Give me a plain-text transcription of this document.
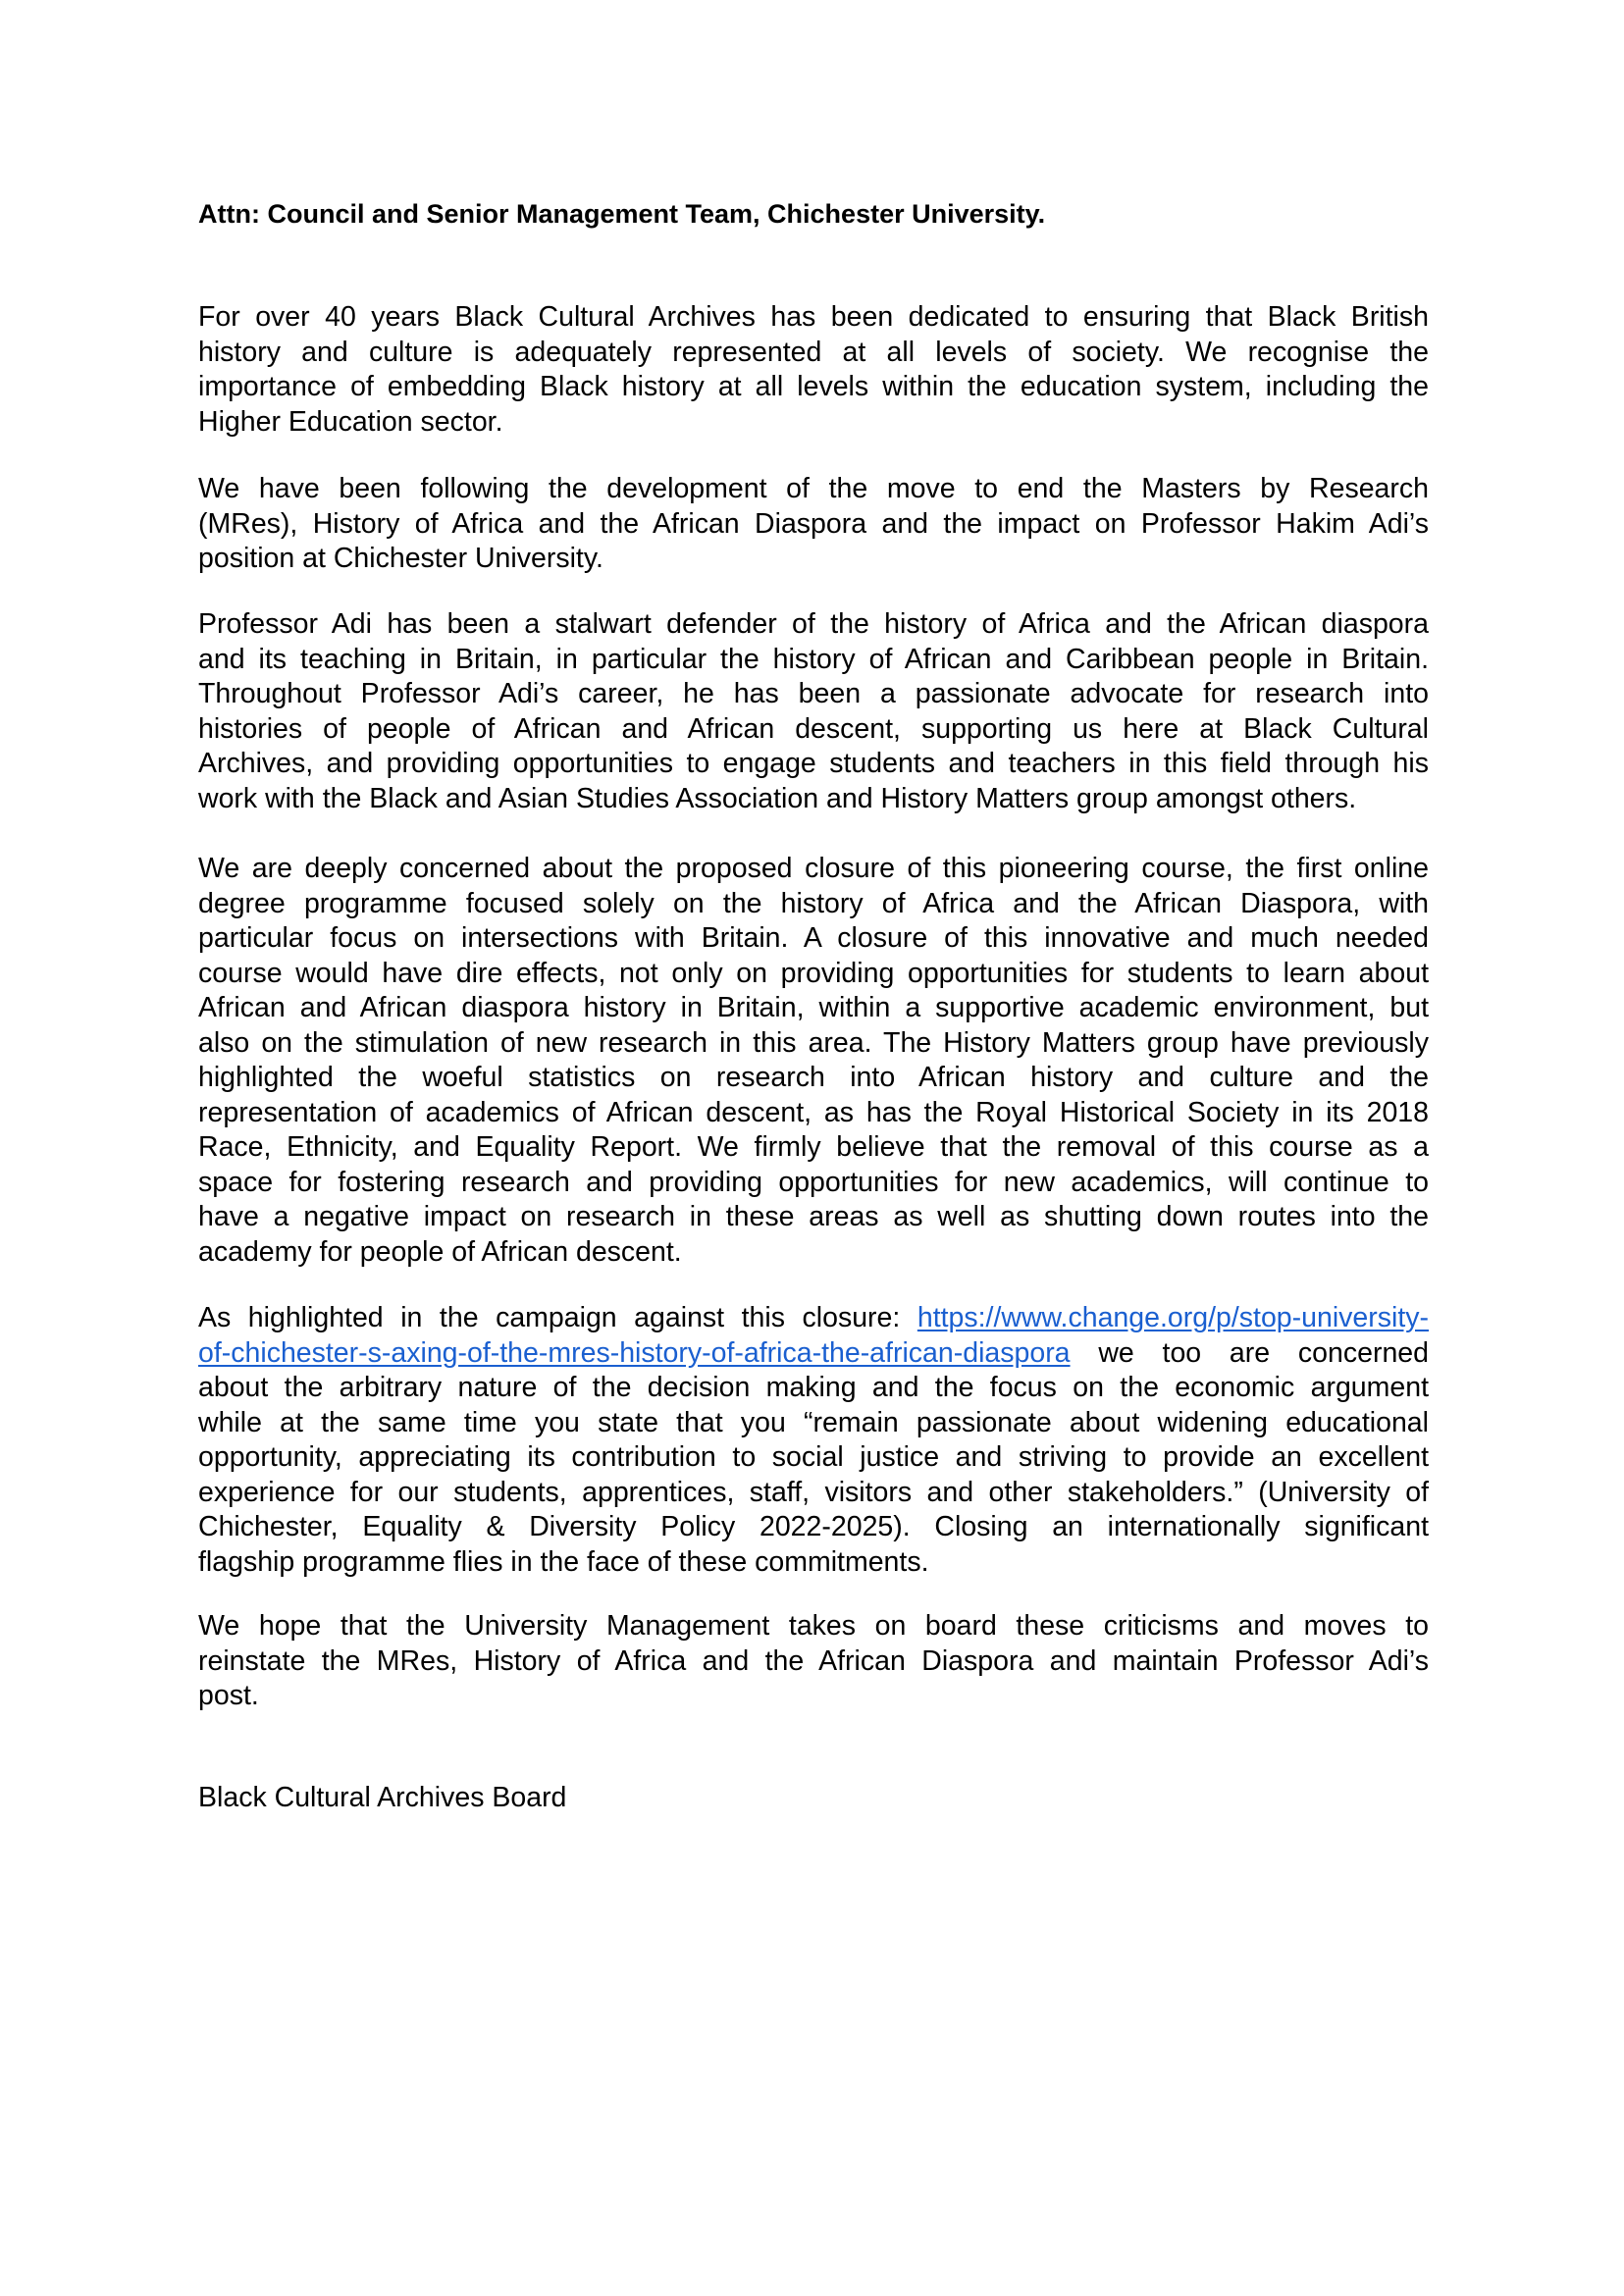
Attn: Council and Senior Management Team, Chichester University.
For over 40 years Black Cultural Archives has been dedicated to ensuring that Black British
history and culture is adequately represented at all levels of society. We recognise the
importance of embedding Black history at all levels within the education system, including the
Higher Education sector.
We have been following the development of the move to end the Masters by Research
(MRes), History of Africa and the African Diaspora and the impact on Professor Hakim Adi’s
position at Chichester University.
Professor Adi has been a stalwart defender of the history of Africa and the African diaspora
and its teaching in Britain, in particular the history of African and Caribbean people in Britain.
Throughout Professor Adi’s career, he has been a passionate advocate for research into
histories of people of African and African descent, supporting us here at Black Cultural
Archives, and providing opportunities to engage students and teachers in this field through his
work with the Black and Asian Studies Association and History Matters group amongst others.
We are deeply concerned about the proposed closure of this pioneering course, the first online
degree programme focused solely on the history of Africa and the African Diaspora, with
particular focus on intersections with Britain. A closure of this innovative and much needed
course would have dire effects, not only on providing opportunities for students to learn about
African and African diaspora history in Britain, within a supportive academic environment, but
also on the stimulation of new research in this area. The History Matters group have previously
highlighted the woeful statistics on research into African history and culture and the
representation of academics of African descent, as has the Royal Historical Society in its 2018
Race, Ethnicity, and Equality Report. We firmly believe that the removal of this course as a
space for fostering research and providing opportunities for new academics, will continue to
have a negative impact on research in these areas as well as shutting down routes into the
academy for people of African descent.
As highlighted in the campaign against this closure: https://www.change.org/p/stop-university-
of-chichester-s-axing-of-the-mres-history-of-africa-the-african-diaspora we too are concerned
about the arbitrary nature of the decision making and the focus on the economic argument
while at the same time you state that you “remain passionate about widening educational
opportunity, appreciating its contribution to social justice and striving to provide an excellent
experience for our students, apprentices, staff, visitors and other stakeholders.” (University of
Chichester, Equality & Diversity Policy 2022-2025). Closing an internationally significant
flagship programme flies in the face of these commitments.
We hope that the University Management takes on board these criticisms and moves to
reinstate the MRes, History of Africa and the African Diaspora and maintain Professor Adi’s
post.
Black Cultural Archives Board
